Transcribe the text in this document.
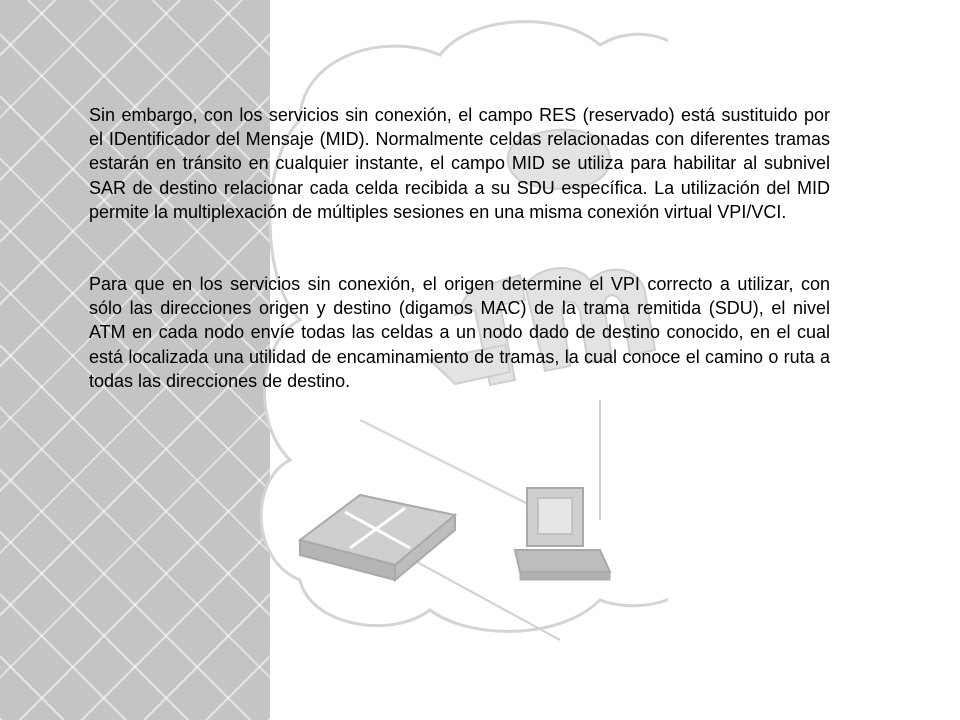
Sin embargo, con los servicios sin conexión, el campo RES (reservado) está sustituido por el IDentificador del Mensaje (MID). Normalmente celdas relacionadas con diferentes tramas estarán en tránsito en cualquier instante, el campo MID se utiliza para habilitar al subnivel SAR de destino relacionar cada celda recibida a su SDU específica. La utilización del MID permite la multiplexación de múltiples sesiones en una misma conexión virtual VPI/VCI.

Para que en los servicios sin conexión, el origen determine el VPI correcto a utilizar, con sólo las direcciones origen y destino (digamos MAC) de la trama remitida (SDU), el nivel ATM en cada nodo envíe todas las celdas a un nodo dado de destino conocido, en el cual está localizada una utilidad de encaminamiento de tramas, la cual conoce el camino o ruta a todas las direcciones de destino.
